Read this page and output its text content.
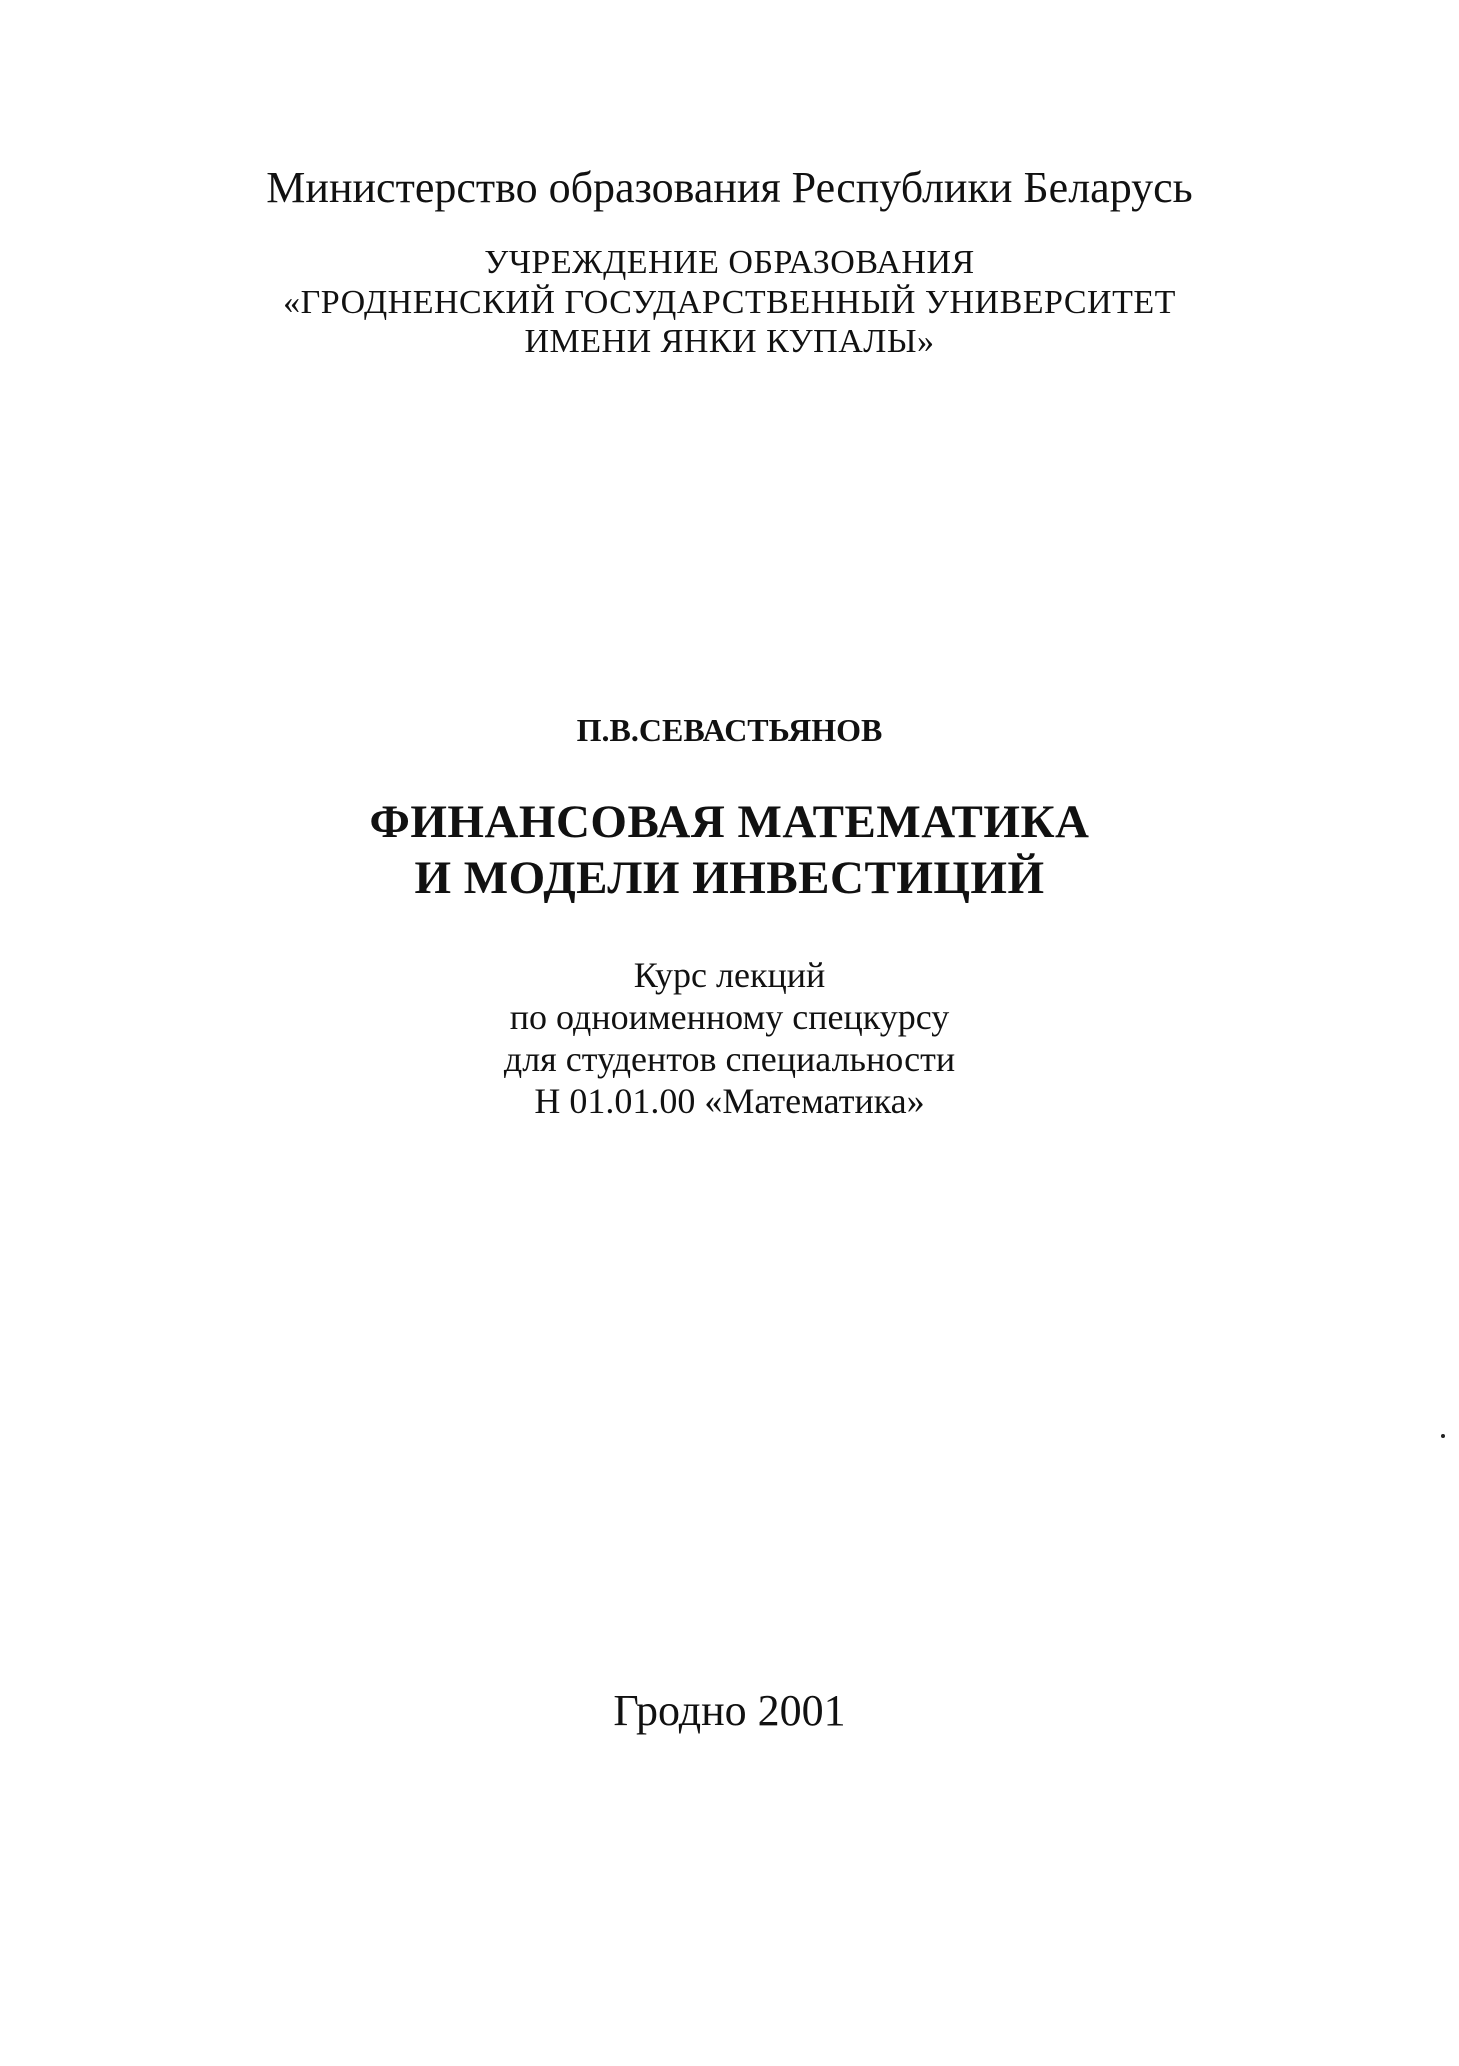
Министерство образования Республики Беларусь
УЧРЕЖДЕНИЕ ОБРАЗОВАНИЯ
«ГРОДНЕНСКИЙ ГОСУДАРСТВЕННЫЙ УНИВЕРСИТЕТ
ИМЕНИ ЯНКИ КУПАЛЫ»
П.В.СЕВАСТЬЯНОВ
ФИНАНСОВАЯ МАТЕМАТИКА
И МОДЕЛИ ИНВЕСТИЦИЙ
Курс лекций
по одноименному спецкурсу
для студентов специальности
Н 01.01.00 «Математика»
Гродно 2001
